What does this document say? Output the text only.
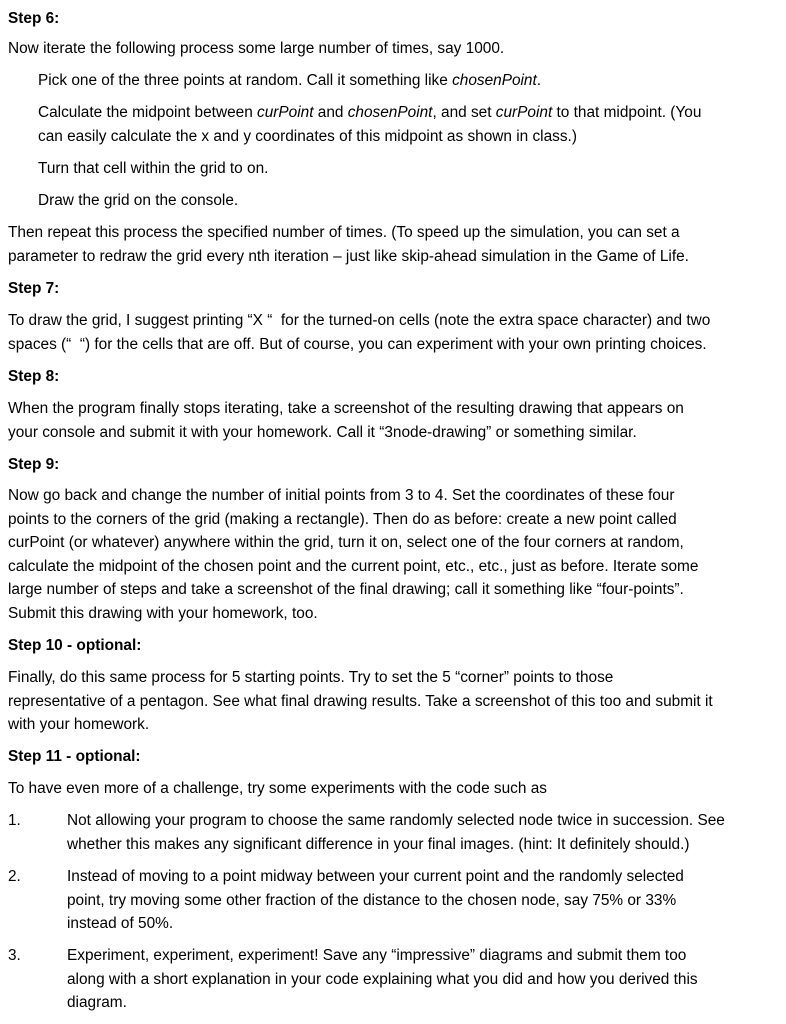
Step 6:

Now iterate the following process some large number of times, say 1000.

Pick one of the three points at random. Call it something like chosenPoint.

Calculate the midpoint between curPoint and chosenPoint, and set curPoint to that midpoint. (You

can easily calculate the x and y coordinates of this midpoint as shown in class.)

Turn that cell within the grid to on.

Draw the grid on the console.

Then repeat this process the specified number of times. (To speed up the simulation, you can set a

parameter to redraw the grid every nth iteration – just like skip-ahead simulation in the Game of Life.

Step 7:

To draw the grid, I suggest printing “X “  for the turned-on cells (note the extra space character) and two

spaces (“  “) for the cells that are off. But of course, you can experiment with your own printing choices.

Step 8:

When the program finally stops iterating, take a screenshot of the resulting drawing that appears on

your console and submit it with your homework. Call it “3node-drawing” or something similar.

Step 9:

Now go back and change the number of initial points from 3 to 4. Set the coordinates of these four

points to the corners of the grid (making a rectangle). Then do as before: create a new point called

curPoint (or whatever) anywhere within the grid, turn it on, select one of the four corners at random,

calculate the midpoint of the chosen point and the current point, etc., etc., just as before. Iterate some

large number of steps and take a screenshot of the final drawing; call it something like “four-points”.

Submit this drawing with your homework, too.

Step 10 - optional:

Finally, do this same process for 5 starting points. Try to set the 5 “corner” points to those

representative of a pentagon. See what final drawing results. Take a screenshot of this too and submit it

with your homework.

Step 11 - optional:

To have even more of a challenge, try some experiments with the code such as

1.	Not allowing your program to choose the same randomly selected node twice in succession. See

whether this makes any significant difference in your final images. (hint: It definitely should.)

2.	Instead of moving to a point midway between your current point and the randomly selected

point, try moving some other fraction of the distance to the chosen node, say 75% or 33%

instead of 50%.

3.	Experiment, experiment, experiment! Save any “impressive” diagrams and submit them too

along with a short explanation in your code explaining what you did and how you derived this

diagram.
